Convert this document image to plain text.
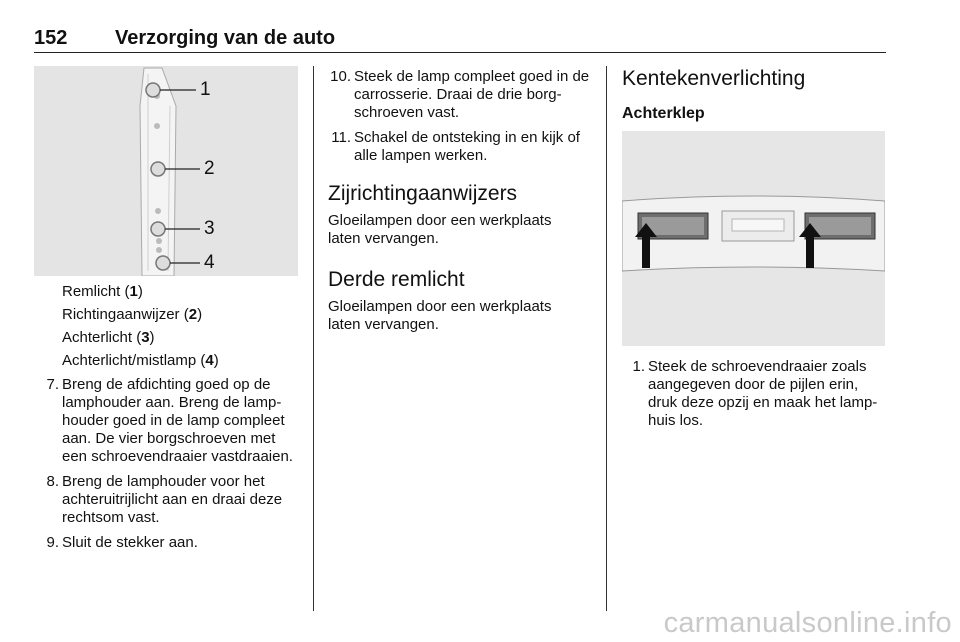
152 Verzorging van de auto
1
2
3
4
Remlicht (1)
Richtingaanwijzer (2)
Achterlicht (3)
Achterlicht/mistlamp (4)
7. Breng de afdichting goed op de lamphouder aan. Breng de lamphouder goed in de lamp compleet aan. De vier borgschroeven met een schroevendraaier vastdraaien.
8. Breng de lamphouder voor het achteruitrijlicht aan en draai deze rechtsom vast.
9. Sluit de stekker aan.
10. Steek de lamp compleet goed in de carrosserie. Draai de drie borgschroeven vast.
11. Schakel de ontsteking in en kijk of alle lampen werken.
Zijrichtingaanwijzers
Gloeilampen door een werkplaats laten vervangen.
Derde remlicht
Gloeilampen door een werkplaats laten vervangen.
Kentekenverlichting
Achterklep
1. Steek de schroevendraaier zoals aangegeven door de pijlen erin, druk deze opzij en maak het lamphuis los.
carmanualsonline.info
